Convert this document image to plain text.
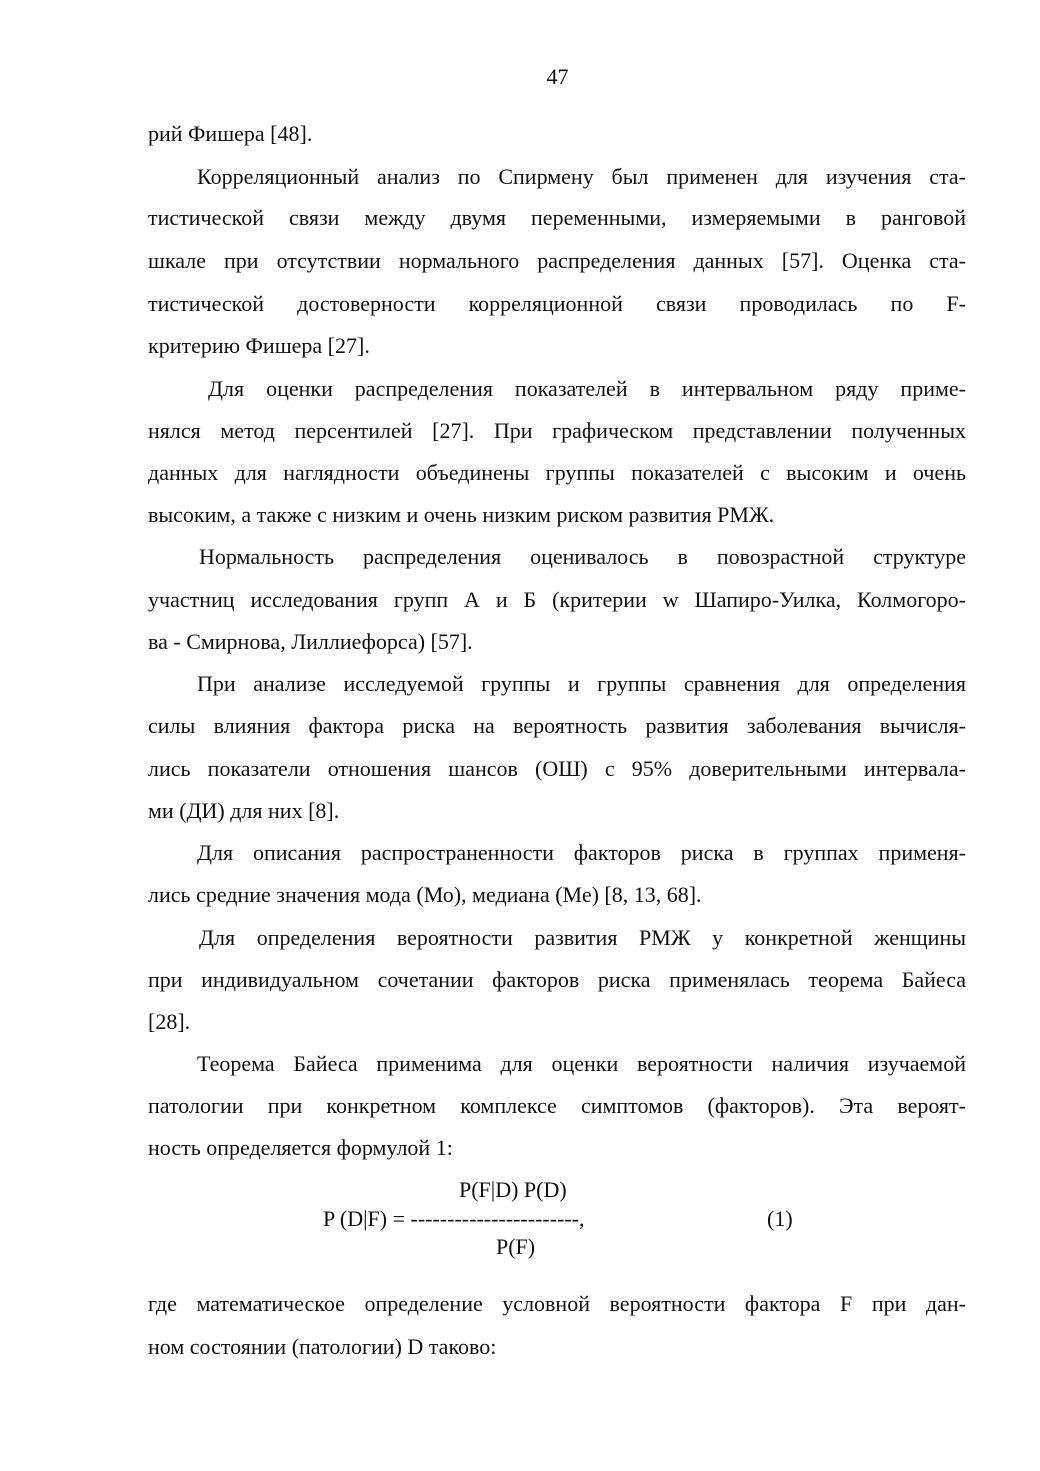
47
рий Фишера [48].
Корреляционный анализ по Спирмену был применен для изучения ста-
тистической связи между двумя переменными, измеряемыми в ранговой
шкале при отсутствии нормального распределения данных [57]. Оценка ста-
тистической достоверности корреляционной связи проводилась по F-
критерию Фишера [27].
Для оценки распределения показателей в интервальном ряду приме-
нялся метод персентилей [27]. При графическом представлении полученных
данных для наглядности объединены группы показателей с высоким и очень
высоким, а также с низким и очень низким риском развития РМЖ.
Нормальность распределения оценивалось в повозрастной структуре
участниц исследования групп А и Б (критерии w Шапиро-Уилка, Колмогоро-
ва - Смирнова, Лиллиефорса) [57].
При анализе исследуемой группы и группы сравнения для определения
силы влияния фактора риска на вероятность развития заболевания вычисля-
лись показатели отношения шансов (ОШ) с 95% доверительными интервала-
ми (ДИ) для них [8].
Для описания распространенности факторов риска в группах применя-
лись средние значения мода (Мо), медиана (Ме) [8, 13, 68].
Для определения вероятности развития РМЖ у конкретной женщины
при индивидуальном сочетании факторов риска применялась теорема Байеса
[28].
Теорема Байеса применима для оценки вероятности наличия изучаемой
патологии при конкретном комплексе симптомов (факторов). Эта вероят-
ность определяется формулой 1:
P(F|D) P(D)
P (D|F) = -----------------------,	(1)
P(F)
где математическое определение условной вероятности фактора F при дан-
ном состоянии (патологии) D таково:
